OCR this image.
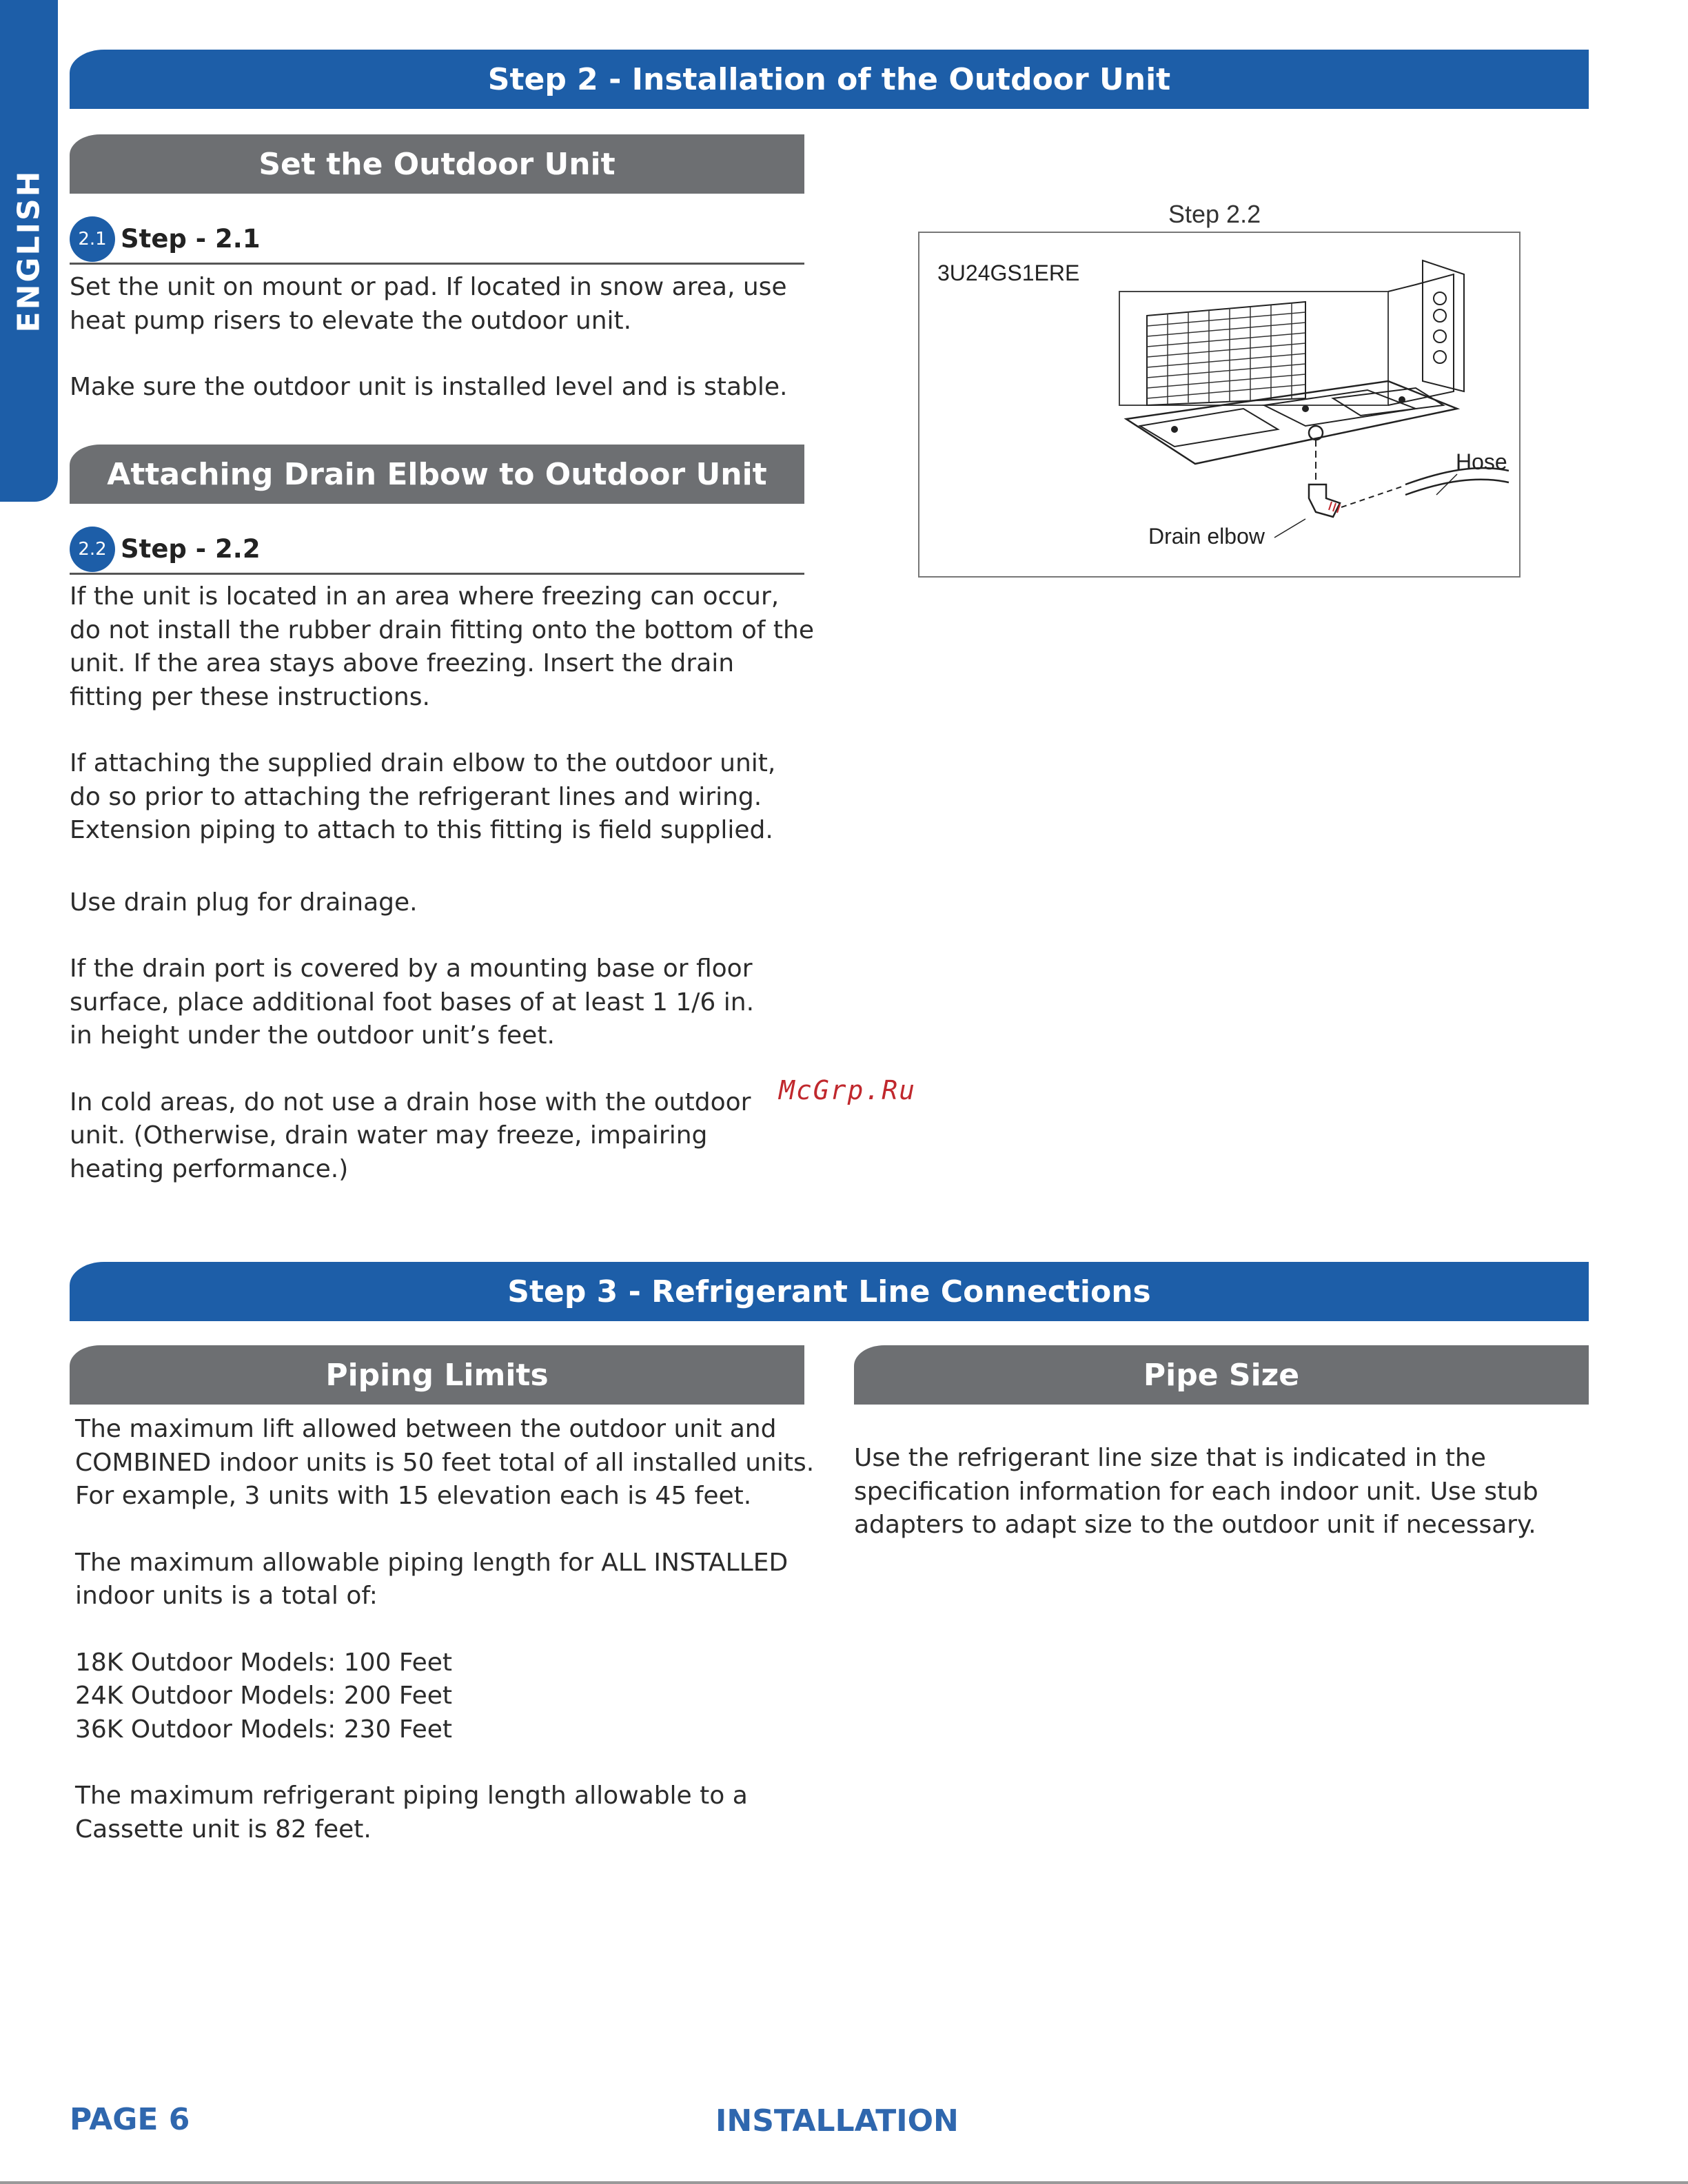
ENGLISH
Step 2 - Installation of the Outdoor Unit
Set the Outdoor Unit
2.1 Step - 2.1

Set the unit on mount or pad. If located in snow area, use heat pump risers to elevate the outdoor unit.

Make sure the outdoor unit is installed level and is stable.

Attaching Drain Elbow to Outdoor Unit
2.2 Step - 2.2

If the unit is located in an area where freezing can occur, do not install the rubber drain fitting onto the bottom of the unit. If the area stays above freezing. Insert the drain fitting per these instructions.

If attaching the supplied drain elbow to the outdoor unit, do so prior to attaching the refrigerant lines and wiring. Extension piping to attach to this fitting is field supplied.

Use drain plug for drainage.

If the drain port is covered by a mounting base or floor surface, place additional foot bases of at least 1 1/6 in. in height under the outdoor unit’s feet.

In cold areas, do not use a drain hose with the outdoor unit. (Otherwise, drain water may freeze, impairing heating performance.)

Step 2.2
3U24GS1ERE
Hose
Drain elbow
McGrp.Ru
Step 3 - Refrigerant Line Connections
Piping Limits
The maximum lift allowed between the outdoor unit and
COMBINED indoor units is 50 feet total of all installed units.
For example, 3 units with 15 elevation each is 45 feet.
The maximum allowable piping length for ALL INSTALLED
indoor units is a total of:
18K Outdoor Models: 100 Feet
24K Outdoor Models: 200 Feet
36K Outdoor Models: 230 Feet
The maximum refrigerant piping length allowable to a
Cassette unit is 82 feet.
Pipe Size
Use the refrigerant line size that is indicated in the
specification information for each indoor unit. Use stub
adapters to adapt size to the outdoor unit if necessary.
PAGE 6	INSTALLATION
